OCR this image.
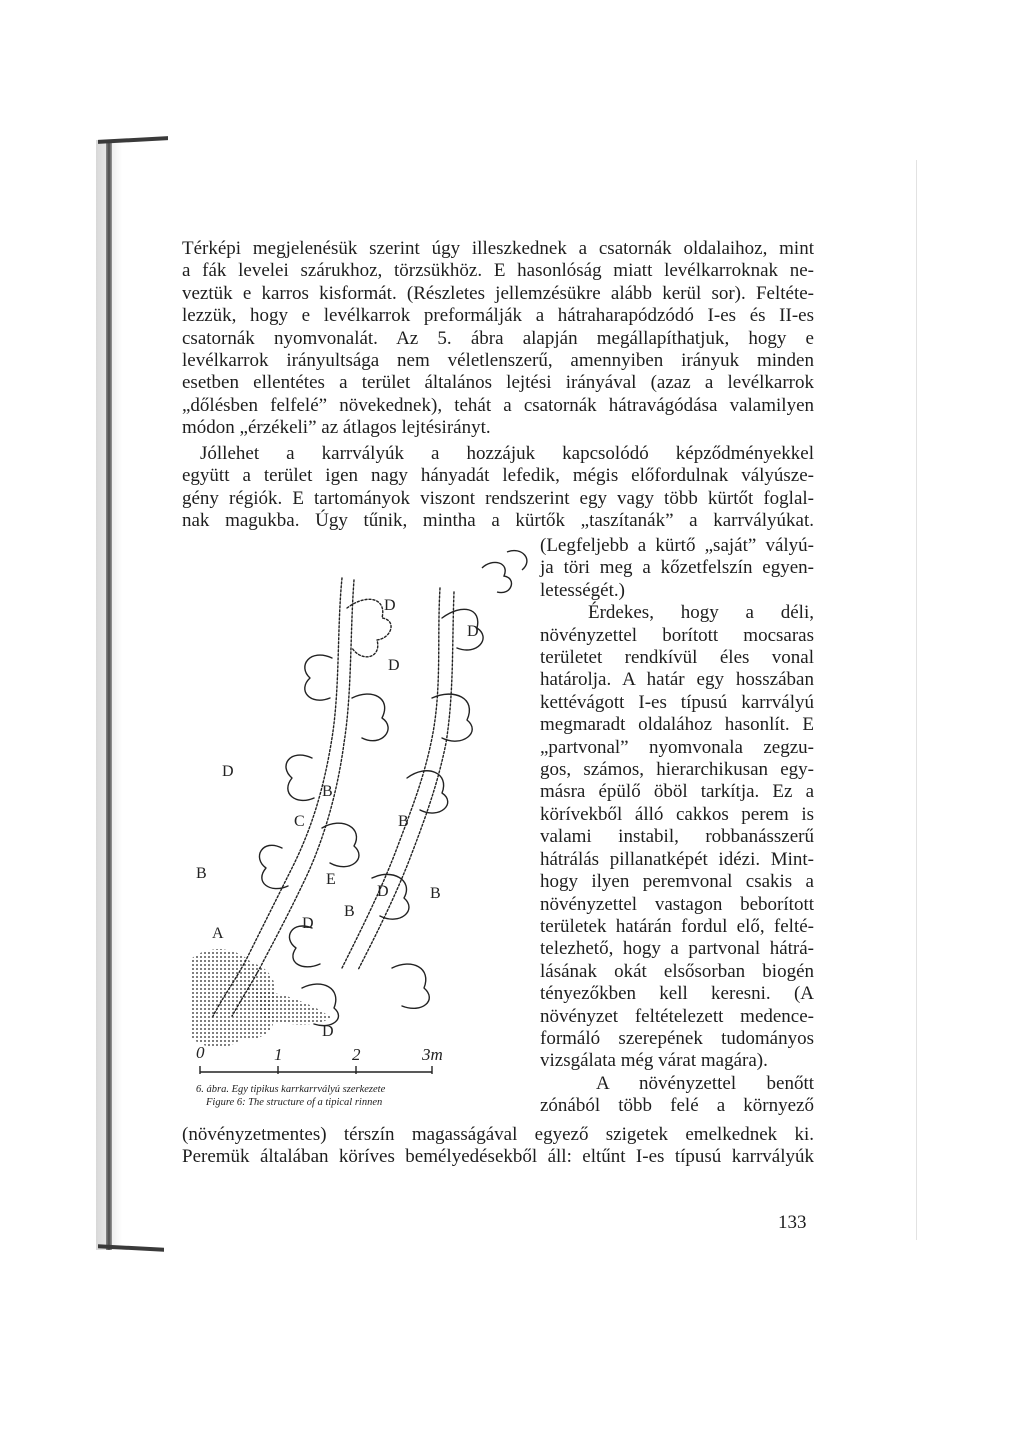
Térképi megjelenésük szerint úgy illeszkednek a csatornák oldalaihoz, mint
a fák levelei szárukhoz, törzsükhöz. E hasonlóság miatt levélkarroknak ne-
veztük e karros kisformát. (Részletes jellemzésükre alább kerül sor). Feltéte-
lezzük, hogy e levélkarrok preformálják a hátraharapódzódó I-es és II-es
csatornák nyomvonalát. Az 5. ábra alapján megállapíthatjuk, hogy e
levélkarrok irányultsága nem véletlenszerű, amennyiben irányuk minden
esetben ellentétes a terület általános lejtési irányával (azaz a levélkarrok
„dőlésben felfelé” növekednek), tehát a csatornák hátravágódása valamilyen
módon „érzékeli” az átlagos lejtésirányt.
Jóllehet a karrvályúk a hozzájuk kapcsolódó képződményekkel
együtt a terület igen nagy hányadát lefedik, mégis előfordulnak vályúsze-
gény régiók. E tartományok viszont rendszerint egy vagy több kürtőt foglal-
nak magukba. Úgy tűnik, mintha a kürtők „taszítanák” a karrvályúkat.
(Legfeljebb a kürtő „saját” vályú-
ja töri meg a kőzetfelszín egyen-
letességét.)
Érdekes, hogy a déli,
növényzettel borított mocsaras
területet rendkívül éles vonal
határolja. A határ egy hosszában
kettévágott I-es típusú karrvályú
megmaradt oldalához hasonlít. E
„partvonal” nyomvonala zegzu-
gos, számos, hierarchikusan egy-
másra épülő öböl tarkítja. Ez a
körívekből álló cakkos perem is
valami instabil, robbanásszerű
hátrálás pillanatképét idézi. Mint-
hogy ilyen peremvonal csakis a
növényzettel vastagon beborított
területek határán fordul elő, felté-
telezhető, hogy a partvonal hátrá-
lásának okát elsősorban biogén
tényezőkben kell keresni. (A
növényzet feltételezett medence-
formáló szerepének tudományos
vizsgálata még várat magára).
A növényzettel benőtt
zónából több felé a környező
(növényzetmentes) térszín magasságával egyező szigetek emelkednek ki.
Peremük általában köríves bemélyedésekből áll: eltűnt I-es típusú karrvályúk
B
D
D
D
C
B
D
B
E
D	B
B
A
D
D
0	1	2	3m
6. ábra. Egy tipikus karrkarrvályú szerkezete
Figure 6: The structure of a tipical rinnen
133
